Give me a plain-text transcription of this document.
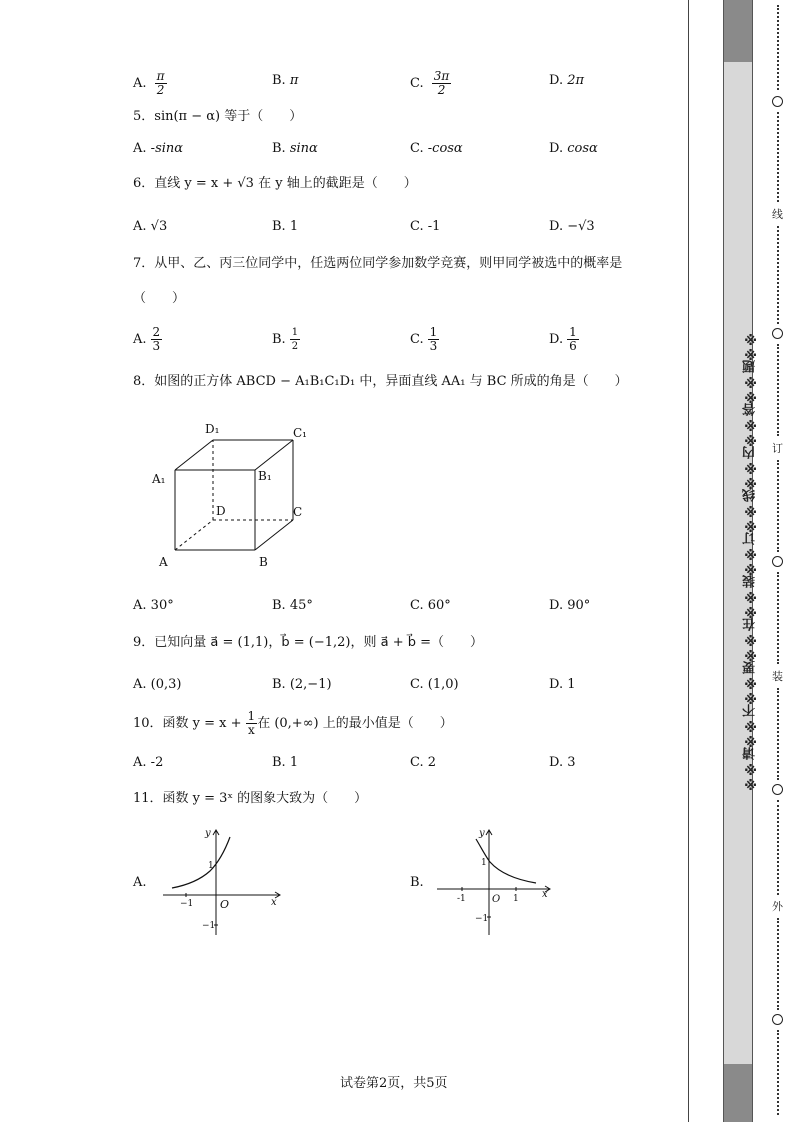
A. $\frac{\pi}{2}$	B. π	C. $\frac{3\pi}{2}$	D. 2π
5．sin(π − α) 等于（　　）
A. -sinα	B. sinα	C. -cosα	D. cosα
6．直线 y = x + √3 在 y 轴上的截距是（　　）
A. √3	B. 1	C. -1	D. −√3
7．从甲、乙、丙三位同学中，任选两位同学参加数学竞赛，则甲同学被选中的概率是
（　　）
A. $\frac{2}{3}$	B. $\frac{1}{2}$	C. $\frac{1}{3}$	D. $\frac{1}{6}$
8．如图的正方体 ABCD − A₁B₁C₁D₁ 中，异面直线 AA₁ 与 BC 所成的角是（　　）
D₁	C₁
A₁	B₁
D	C
A	B
A. 30°	B. 45°	C. 60°	D. 90°
9．已知向量 a⃗ = (1,1)，b⃗ = (−1,2)，则 a⃗ + b⃗ =（　　）
A. (0,3)	B. (2,−1)	C. (1,0)	D. 1
10．函数 $y = x + \frac{1}{x}$ 在 (0,+∞) 上的最小值是（　　）
A. -2	B. 1	C. 2	D. 3
11．函数 y = 3ˣ 的图象大致为（　　）
A.
y
x
O
1
−1
−1
B.
y
x
O
1
1
-1
−1
试卷第2页，共5页
※※请※※不※※要※※在※※装※※订※※线※※内※※答※※题※※
线
订
装
外
